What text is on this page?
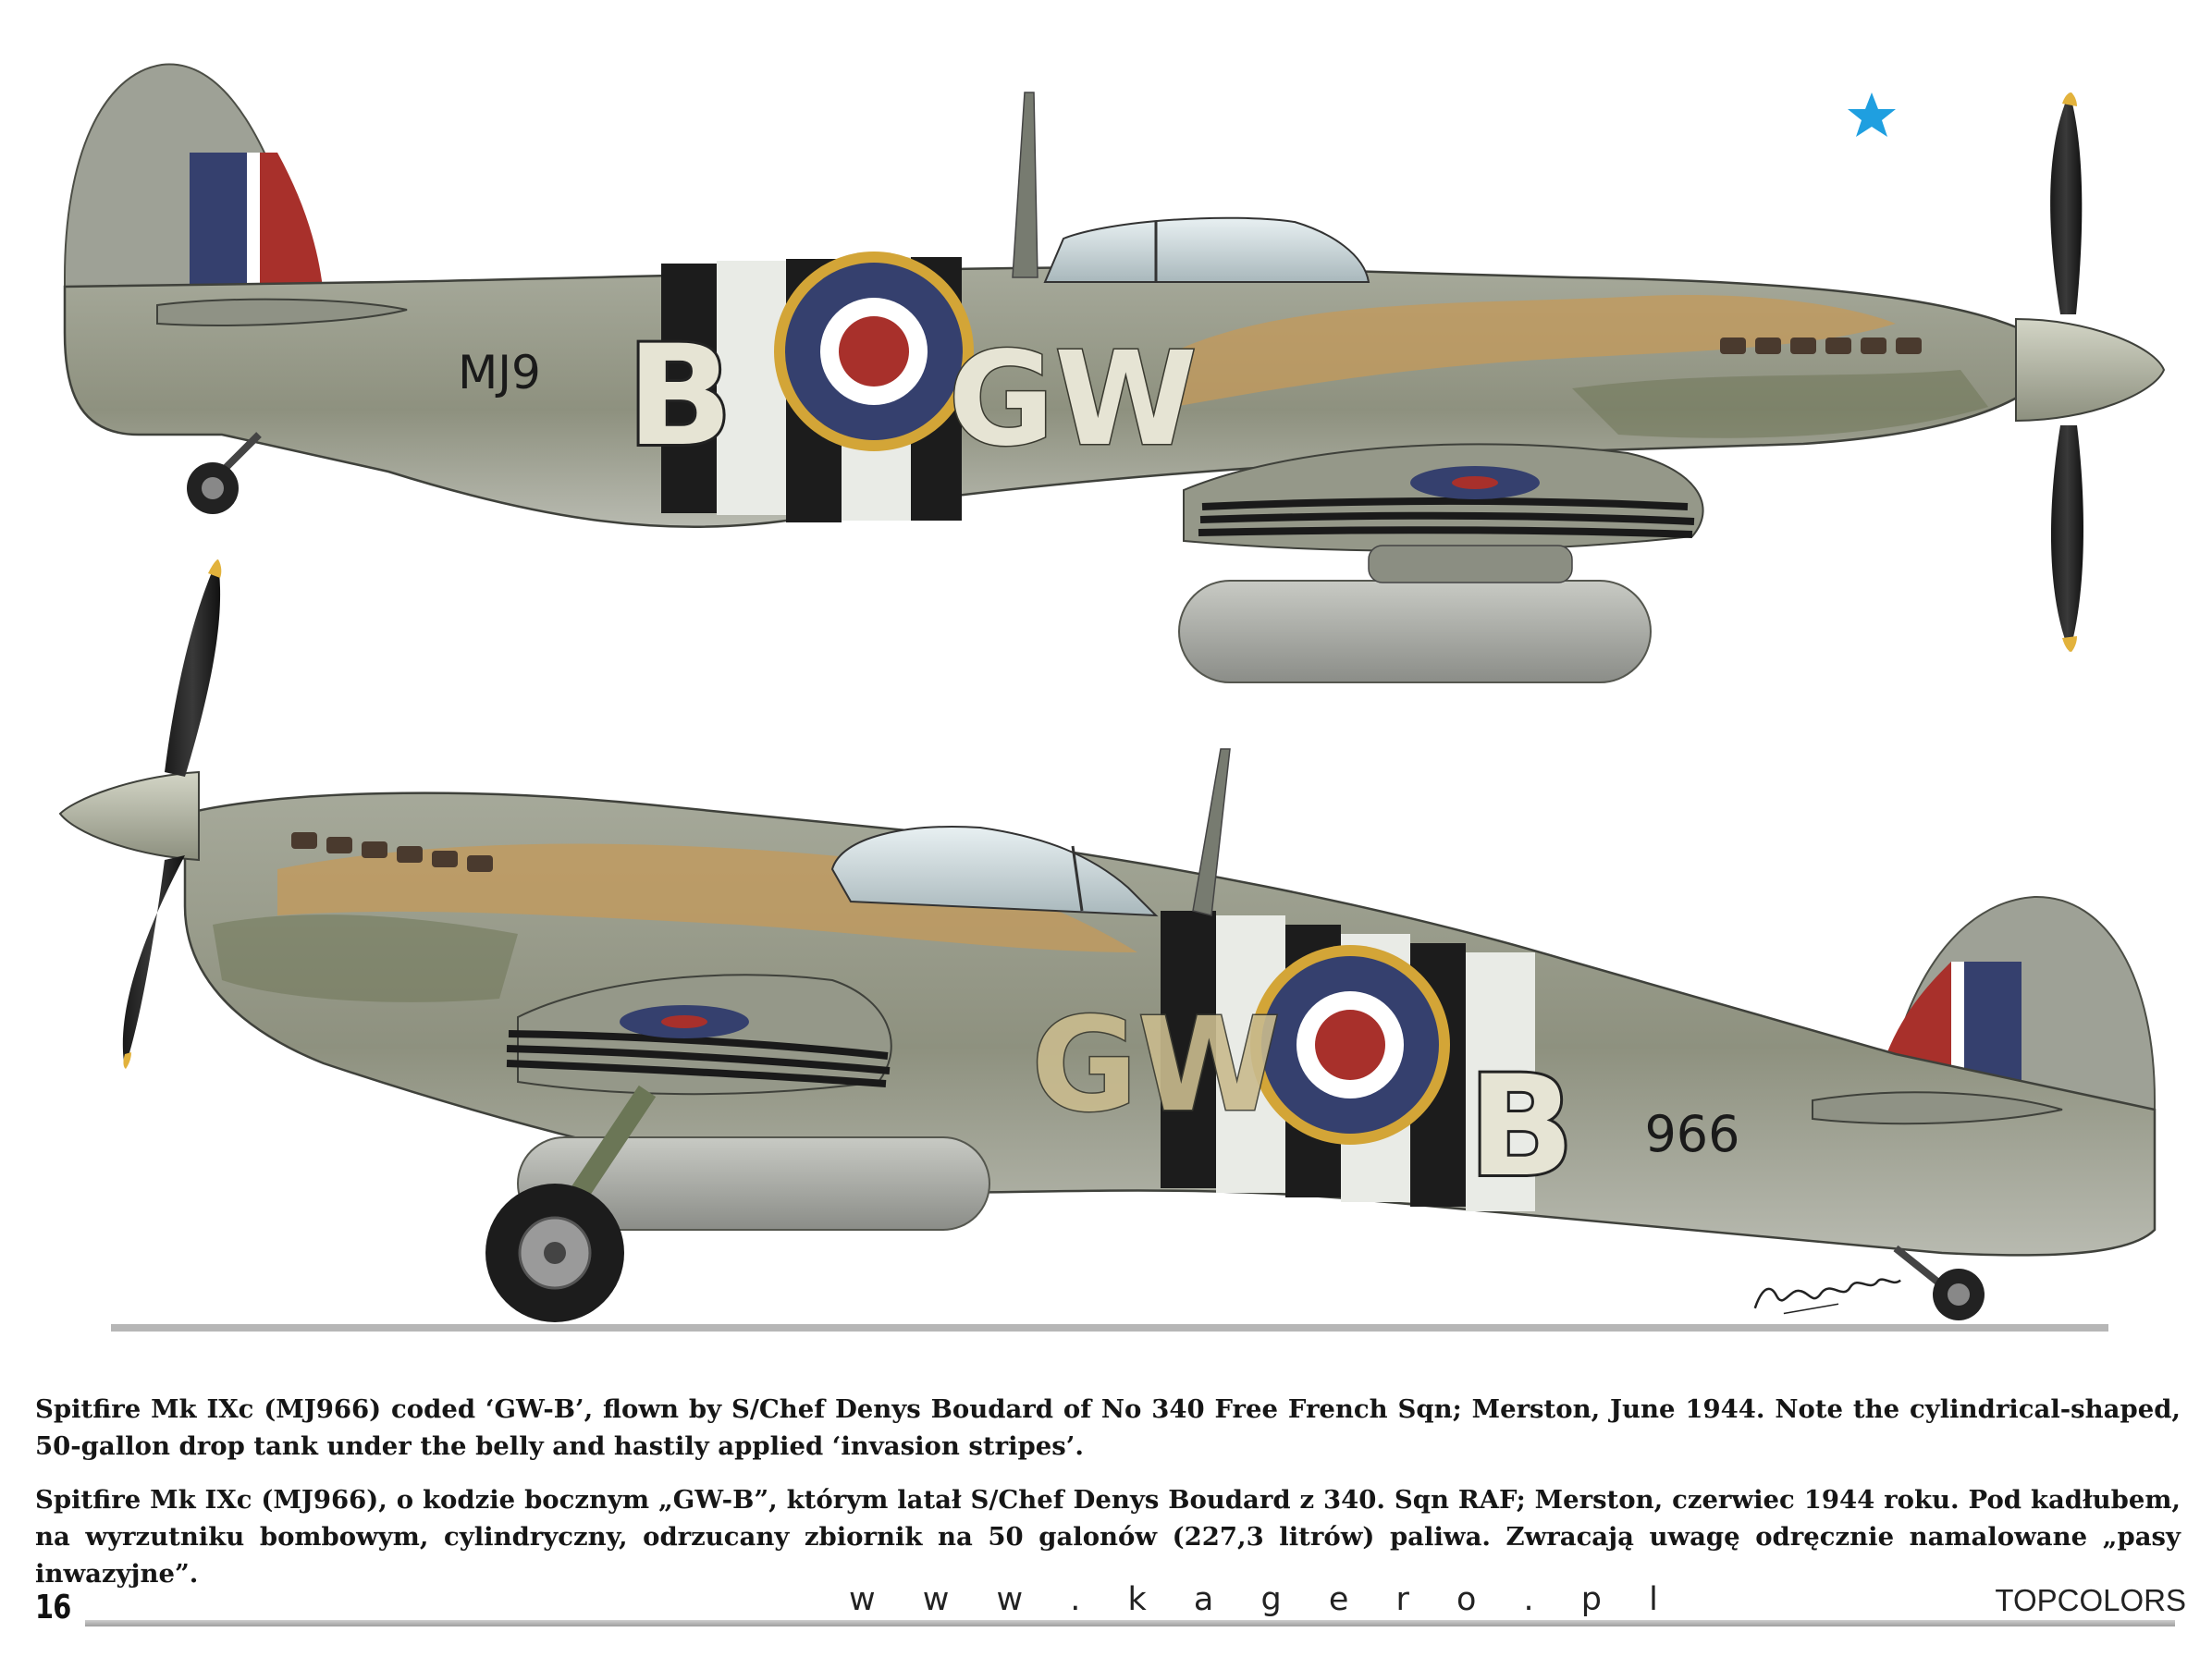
B GW
MJ9
GW B 966

Spitfire Mk IXc (MJ966) coded ‘GW-B’, flown by S/Chef Denys Boudard of No 340 Free French Sqn; Merston, June 1944. Note the cylindrical-shaped, 50-gallon drop tank under the belly and hastily applied ‘invasion stripes’.

Spitfire Mk IXc (MJ966), o kodzie bocznym „GW-B”, którym latał S/Chef Denys Boudard z 340. Sqn RAF; Merston, czerwiec 1944 roku. Pod kadłubem, na wyrzutniku bombowym, cylindryczny, odrzucany zbiornik na 50 galonów (227,3 litrów) paliwa. Zwracają uwagę odręcznie namalowane „pasy inwazyjne”.

16	w w w . k a g e r o . p l	TOPCOLORS
